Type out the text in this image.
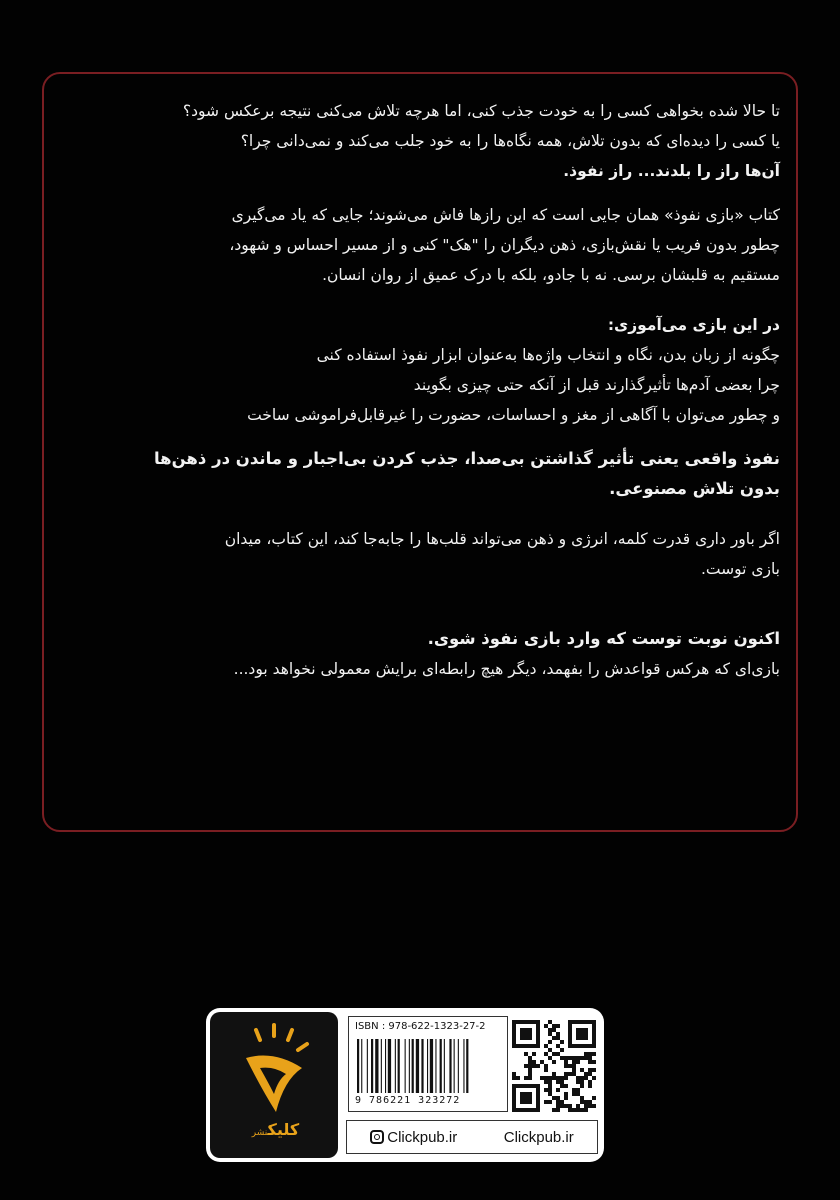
تا حالا شده بخواهی کسی را به خودت جذب کنی، اما هرچه تلاش می‌کنی نتیجه برعکس شود؟

یا کسی را دیده‌ای که بدون تلاش، همه نگاه‌ها را به خود جلب می‌کند و نمی‌دانی چرا؟

آن‌ها راز را بلدند... راز نفوذ.

کتاب «بازی نفوذ» همان جایی است که این رازها فاش می‌شوند؛ جایی که یاد می‌گیری

چطور بدون فریب یا نقش‌بازی، ذهن دیگران را "هک" کنی و از مسیر احساس و شهود،

مستقیم به قلبشان برسی. نه با جادو، بلکه با درک عمیق از روان انسان.

در این بازی می‌آموزی:

چگونه از زبان بدن، نگاه و انتخاب واژه‌ها به‌عنوان ابزار نفوذ استفاده کنی

چرا بعضی آدم‌ها تأثیرگذارند قبل از آنکه حتی چیزی بگویند

و چطور می‌توان با آگاهی از مغز و احساسات، حضورت را غیرقابل‌فراموشی ساخت

نفوذ واقعی یعنی تأثیر گذاشتن بی‌صدا، جذب کردن بی‌اجبار و ماندن در ذهن‌ها

بدون تلاش مصنوعی.

اگر باور داری قدرت کلمه، انرژی و ذهن می‌تواند قلب‌ها را جابه‌جا کند، این کتاب، میدان

بازی توست.

اکنون نوبت توست که وارد بازی نفوذ شوی.

بازی‌ای که هرکس قواعدش را بفهمد، دیگر هیچ رابطه‌ای برایش معمولی نخواهد بود...

کلیکنشر
ISBN : 978-622-1323-27-2
9 786221 323272
Clickpub.ir	Clickpub.ir
